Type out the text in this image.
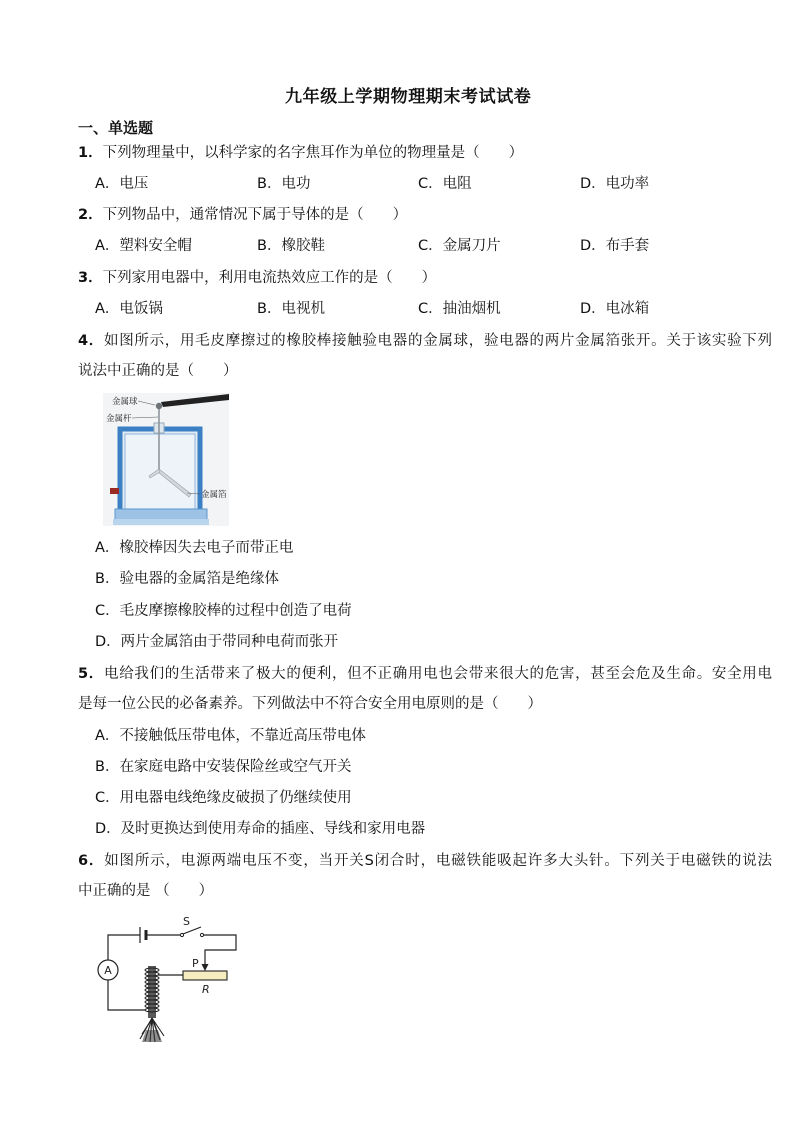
九年级上学期物理期末考试试卷
一、单选题
1．下列物理量中，以科学家的名字焦耳作为单位的物理量是（　　）
A．电压	B．电功	C．电阻	D．电功率
2．下列物品中，通常情况下属于导体的是（　　）
A．塑料安全帽	B．橡胶鞋	C．金属刀片	D．布手套
3．下列家用电器中，利用电流热效应工作的是（　　）
A．电饭锅	B．电视机	C．抽油烟机	D．电冰箱
4．如图所示，用毛皮摩擦过的橡胶棒接触验电器的金属球，验电器的两片金属箔张开。关于该实验下列
说法中正确的是（　　）
金属球
金属杆
金属箔
A．橡胶棒因失去电子而带正电
B．验电器的金属箔是绝缘体
C．毛皮摩擦橡胶棒的过程中创造了电荷
D．两片金属箔由于带同种电荷而张开
5．电给我们的生活带来了极大的便利，但不正确用电也会带来很大的危害，甚至会危及生命。安全用电
是每一位公民的必备素养。下列做法中不符合安全用电原则的是（　　）
A．不接触低压带电体，不靠近高压带电体
B．在家庭电路中安装保险丝或空气开关
C．用电器电线绝缘皮破损了仍继续使用
D．及时更换达到使用寿命的插座、导线和家用电器
6．如图所示，电源两端电压不变，当开关S闭合时，电磁铁能吸起许多大头针。下列关于电磁铁的说法
中正确的是 （　　）
S
P
R
A
